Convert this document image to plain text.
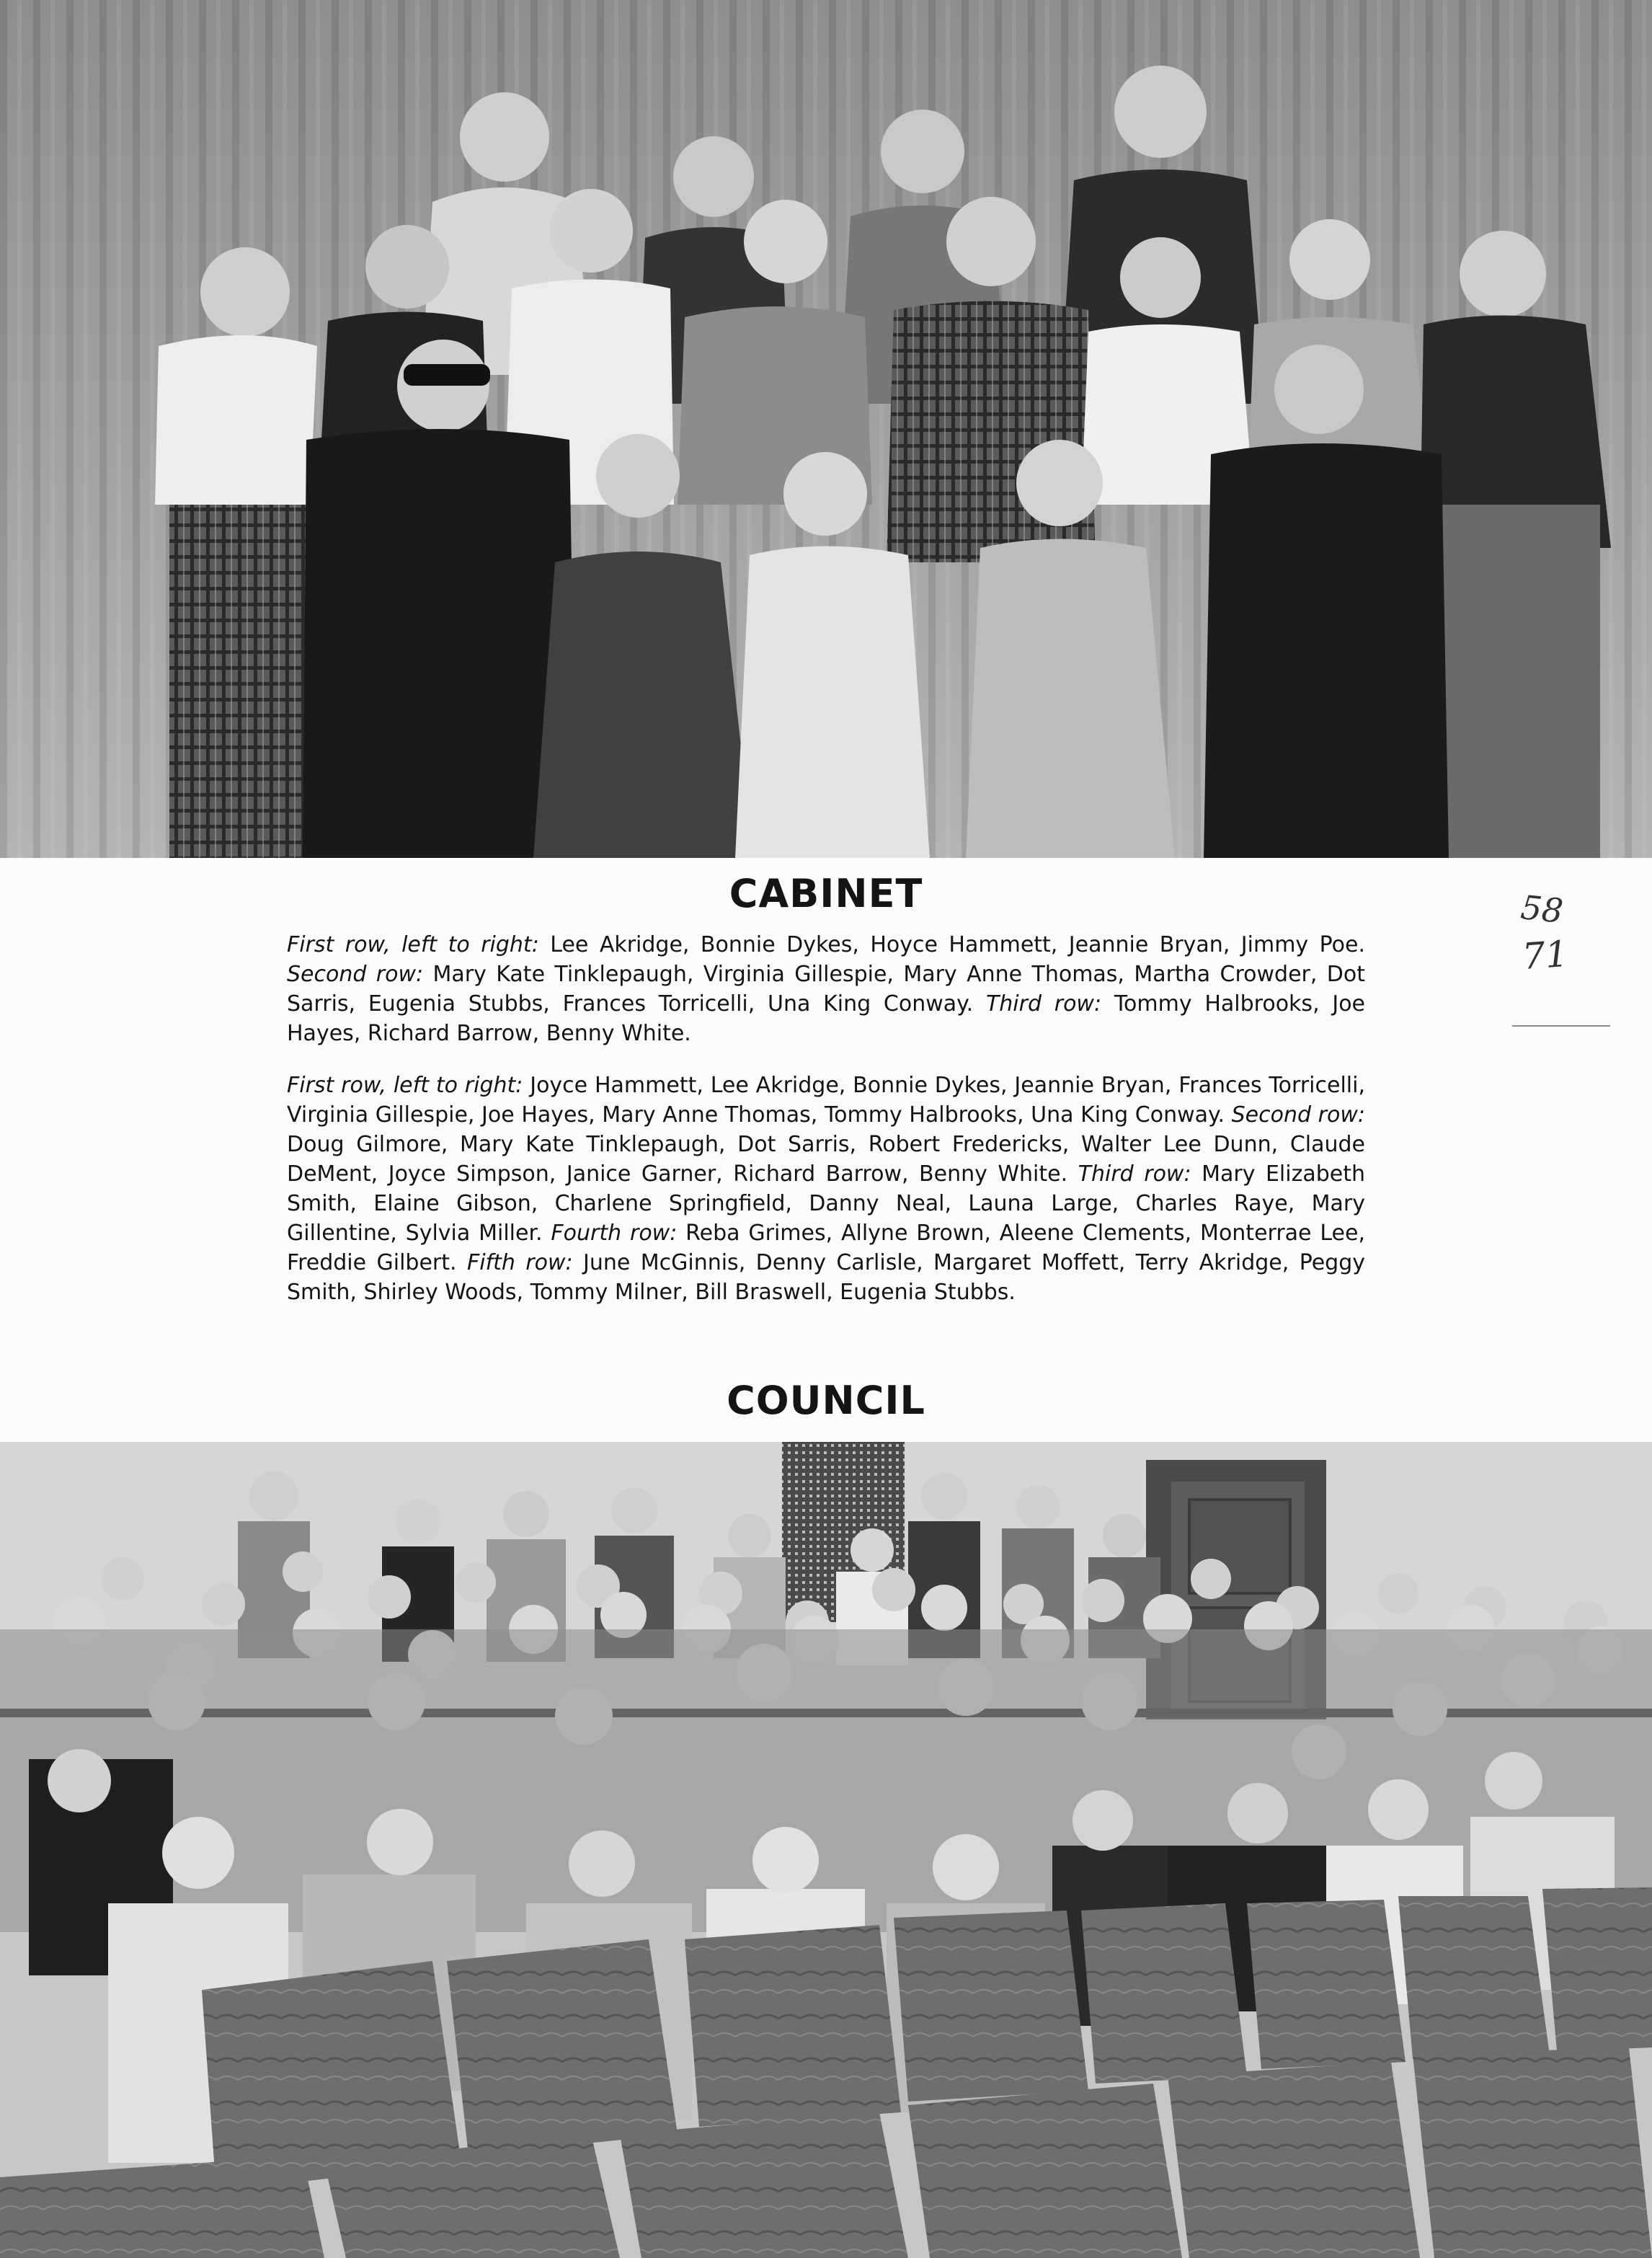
CABINET

First row, left to right: Lee Akridge, Bonnie Dykes, Hoyce Hammett, Jeannie Bryan, Jimmy Poe. Second row: Mary Kate Tinklepaugh, Virginia Gillespie, Mary Anne Thomas, Martha Crowder, Dot Sarris, Eugenia Stubbs, Frances Torricelli, Una King Conway. Third row: Tommy Halbrooks, Joe Hayes, Richard Barrow, Benny White.

58
71

First row, left to right: Joyce Hammett, Lee Akridge, Bonnie Dykes, Jeannie Bryan, Frances Torricelli, Virginia Gillespie, Joe Hayes, Mary Anne Thomas, Tommy Halbrooks, Una King Conway. Second row: Doug Gilmore, Mary Kate Tinklepaugh, Dot Sarris, Robert Fredericks, Walter Lee Dunn, Claude DeMent, Joyce Simpson, Janice Garner, Richard Barrow, Benny White. Third row: Mary Elizabeth Smith, Elaine Gibson, Charlene Springfield, Danny Neal, Launa Large, Charles Raye, Mary Gillentine, Sylvia Miller. Fourth row: Reba Grimes, Allyne Brown, Aleene Clements, Monterrae Lee, Freddie Gilbert. Fifth row: June McGinnis, Denny Carlisle, Margaret Moffett, Terry Akridge, Peggy Smith, Shirley Woods, Tommy Milner, Bill Braswell, Eugenia Stubbs.

COUNCIL
